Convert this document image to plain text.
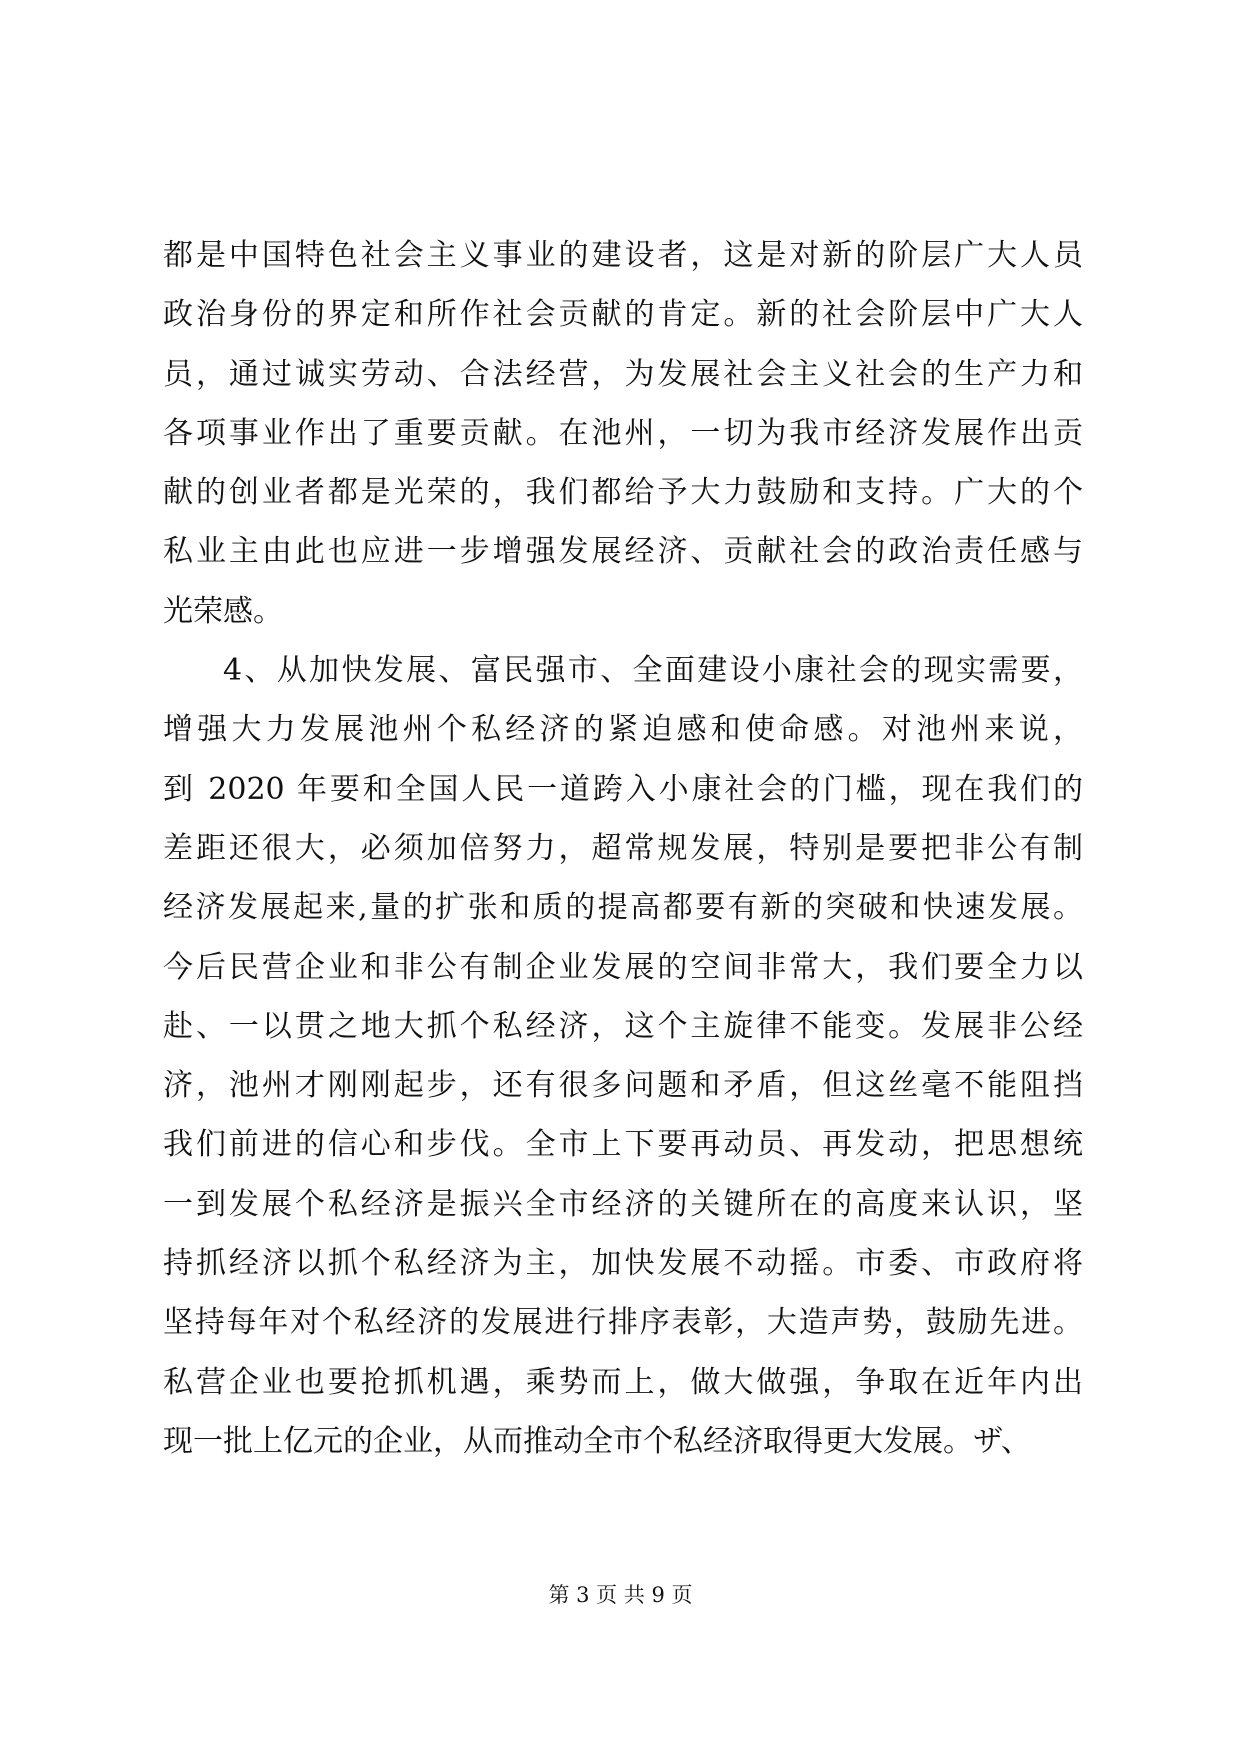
都是中国特色社会主义事业的建设者，这是对新的阶层广大人员
政治身份的界定和所作社会贡献的肯定。新的社会阶层中广大人
员，通过诚实劳动、合法经营，为发展社会主义社会的生产力和
各项事业作出了重要贡献。在池州，一切为我市经济发展作出贡
献的创业者都是光荣的，我们都给予大力鼓励和支持。广大的个
私业主由此也应进一步增强发展经济、贡献社会的政治责任感与
光荣感。
4、从加快发展、富民强市、全面建设小康社会的现实需要，
增强大力发展池州个私经济的紧迫感和使命感。对池州来说，
到 2020 年要和全国人民一道跨入小康社会的门槛，现在我们的
差距还很大，必须加倍努力，超常规发展，特别是要把非公有制
经济发展起来,量的扩张和质的提高都要有新的突破和快速发展。
今后民营企业和非公有制企业发展的空间非常大，我们要全力以
赴、一以贯之地大抓个私经济，这个主旋律不能变。发展非公经
济，池州才刚刚起步，还有很多问题和矛盾，但这丝毫不能阻挡
我们前进的信心和步伐。全市上下要再动员、再发动，把思想统
一到发展个私经济是振兴全市经济的关键所在的高度来认识，坚
持抓经济以抓个私经济为主，加快发展不动摇。市委、市政府将
坚持每年对个私经济的发展进行排序表彰，大造声势，鼓励先进。
私营企业也要抢抓机遇，乘势而上，做大做强，争取在近年内出
现一批上亿元的企业，从而推动全市个私经济取得更大发展。ザ、
第 3 页 共 9 页
